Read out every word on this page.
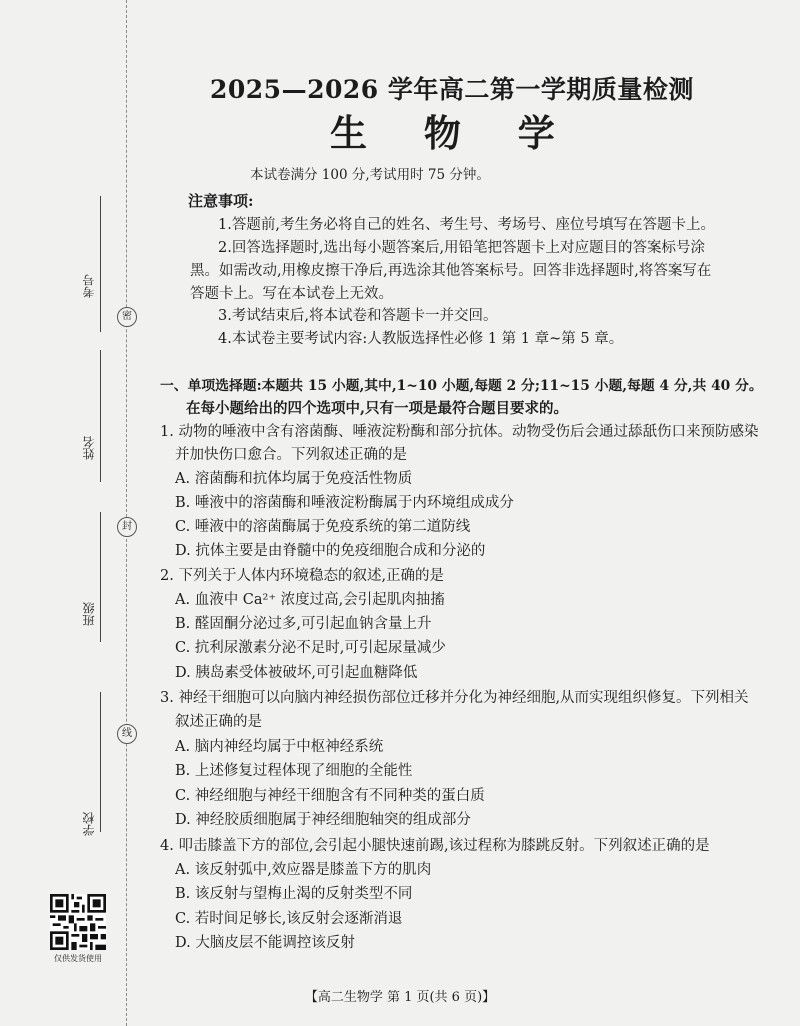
考号
姓名
班级
学校
密
封
线
仅供发货使用
2025—2026 学年高二第一学期质量检测
生 物 学
本试卷满分 100 分,考试用时 75 分钟。
注意事项:
1.答题前,考生务必将自己的姓名、考生号、考场号、座位号填写在答题卡上。
2.回答选择题时,选出每小题答案后,用铅笔把答题卡上对应题目的答案标号涂
黑。如需改动,用橡皮擦干净后,再选涂其他答案标号。回答非选择题时,将答案写在
答题卡上。写在本试卷上无效。
3.考试结束后,将本试卷和答题卡一并交回。
4.本试卷主要考试内容:人教版选择性必修 1 第 1 章~第 5 章。
一、单项选择题:本题共 15 小题,其中,1~10 小题,每题 2 分;11~15 小题,每题 4 分,共 40 分。
在每小题给出的四个选项中,只有一项是最符合题目要求的。
1. 动物的唾液中含有溶菌酶、唾液淀粉酶和部分抗体。动物受伤后会通过舔舐伤口来预防感染
并加快伤口愈合。下列叙述正确的是
A. 溶菌酶和抗体均属于免疫活性物质
B. 唾液中的溶菌酶和唾液淀粉酶属于内环境组成成分
C. 唾液中的溶菌酶属于免疫系统的第二道防线
D. 抗体主要是由脊髓中的免疫细胞合成和分泌的
2. 下列关于人体内环境稳态的叙述,正确的是
A. 血液中 Ca²⁺ 浓度过高,会引起肌肉抽搐
B. 醛固酮分泌过多,可引起血钠含量上升
C. 抗利尿激素分泌不足时,可引起尿量减少
D. 胰岛素受体被破坏,可引起血糖降低
3. 神经干细胞可以向脑内神经损伤部位迁移并分化为神经细胞,从而实现组织修复。下列相关
叙述正确的是
A. 脑内神经均属于中枢神经系统
B. 上述修复过程体现了细胞的全能性
C. 神经细胞与神经干细胞含有不同种类的蛋白质
D. 神经胶质细胞属于神经细胞轴突的组成部分
4. 叩击膝盖下方的部位,会引起小腿快速前踢,该过程称为膝跳反射。下列叙述正确的是
A. 该反射弧中,效应器是膝盖下方的肌肉
B. 该反射与望梅止渴的反射类型不同
C. 若时间足够长,该反射会逐渐消退
D. 大脑皮层不能调控该反射
【高二生物学 第 1 页(共 6 页)】
